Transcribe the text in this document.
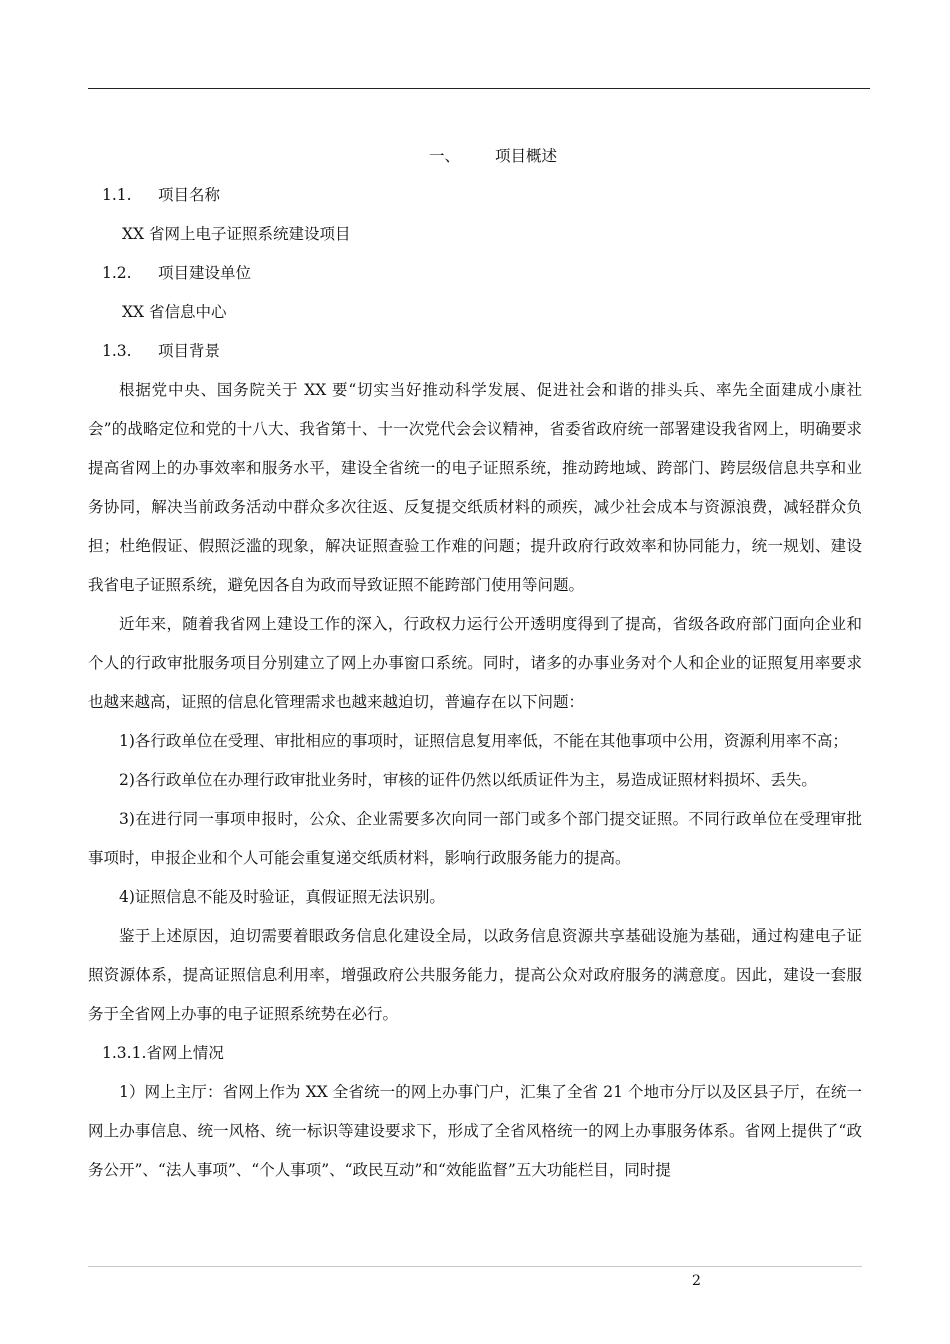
一、 项目概述

1.1. 项目名称

XX 省网上电子证照系统建设项目

1.2. 项目建设单位

XX 省信息中心

1.3. 项目背景

根据党中央、国务院关于 XX 要“切实当好推动科学发展、促进社会和谐的排头兵、率先全面建成小康社会”的战略定位和党的十八大、我省第十、十一次党代会会议精神，省委省政府统一部署建设我省网上，明确要求提高省网上的办事效率和服务水平，建设全省统一的电子证照系统，推动跨地域、跨部门、跨层级信息共享和业务协同，解决当前政务活动中群众多次往返、反复提交纸质材料的顽疾，减少社会成本与资源浪费，减轻群众负担；杜绝假证、假照泛滥的现象，解决证照查验工作难的问题；提升政府行政效率和协同能力，统一规划、建设我省电子证照系统，避免因各自为政而导致证照不能跨部门使用等问题。

近年来，随着我省网上建设工作的深入，行政权力运行公开透明度得到了提高，省级各政府部门面向企业和个人的行政审批服务项目分别建立了网上办事窗口系统。同时，诸多的办事业务对个人和企业的证照复用率要求也越来越高，证照的信息化管理需求也越来越迫切，普遍存在以下问题：

1)各行政单位在受理、审批相应的事项时，证照信息复用率低，不能在其他事项中公用，资源利用率不高；

2)各行政单位在办理行政审批业务时，审核的证件仍然以纸质证件为主，易造成证照材料损坏、丢失。

3)在进行同一事项申报时，公众、企业需要多次向同一部门或多个部门提交证照。不同行政单位在受理审批事项时，申报企业和个人可能会重复递交纸质材料，影响行政服务能力的提高。

4)证照信息不能及时验证，真假证照无法识别。

鉴于上述原因，迫切需要着眼政务信息化建设全局，以政务信息资源共享基础设施为基础，通过构建电子证照资源体系，提高证照信息利用率，增强政府公共服务能力，提高公众对政府服务的满意度。因此，建设一套服务于全省网上办事的电子证照系统势在必行。

1.3.1.省网上情况

1）网上主厅：省网上作为 XX 全省统一的网上办事门户，汇集了全省 21 个地市分厅以及区县子厅，在统一网上办事信息、统一风格、统一标识等建设要求下，形成了全省风格统一的网上办事服务体系。省网上提供了“政务公开”、“法人事项”、“个人事项”、“政民互动”和“效能监督”五大功能栏目，同时提

2
